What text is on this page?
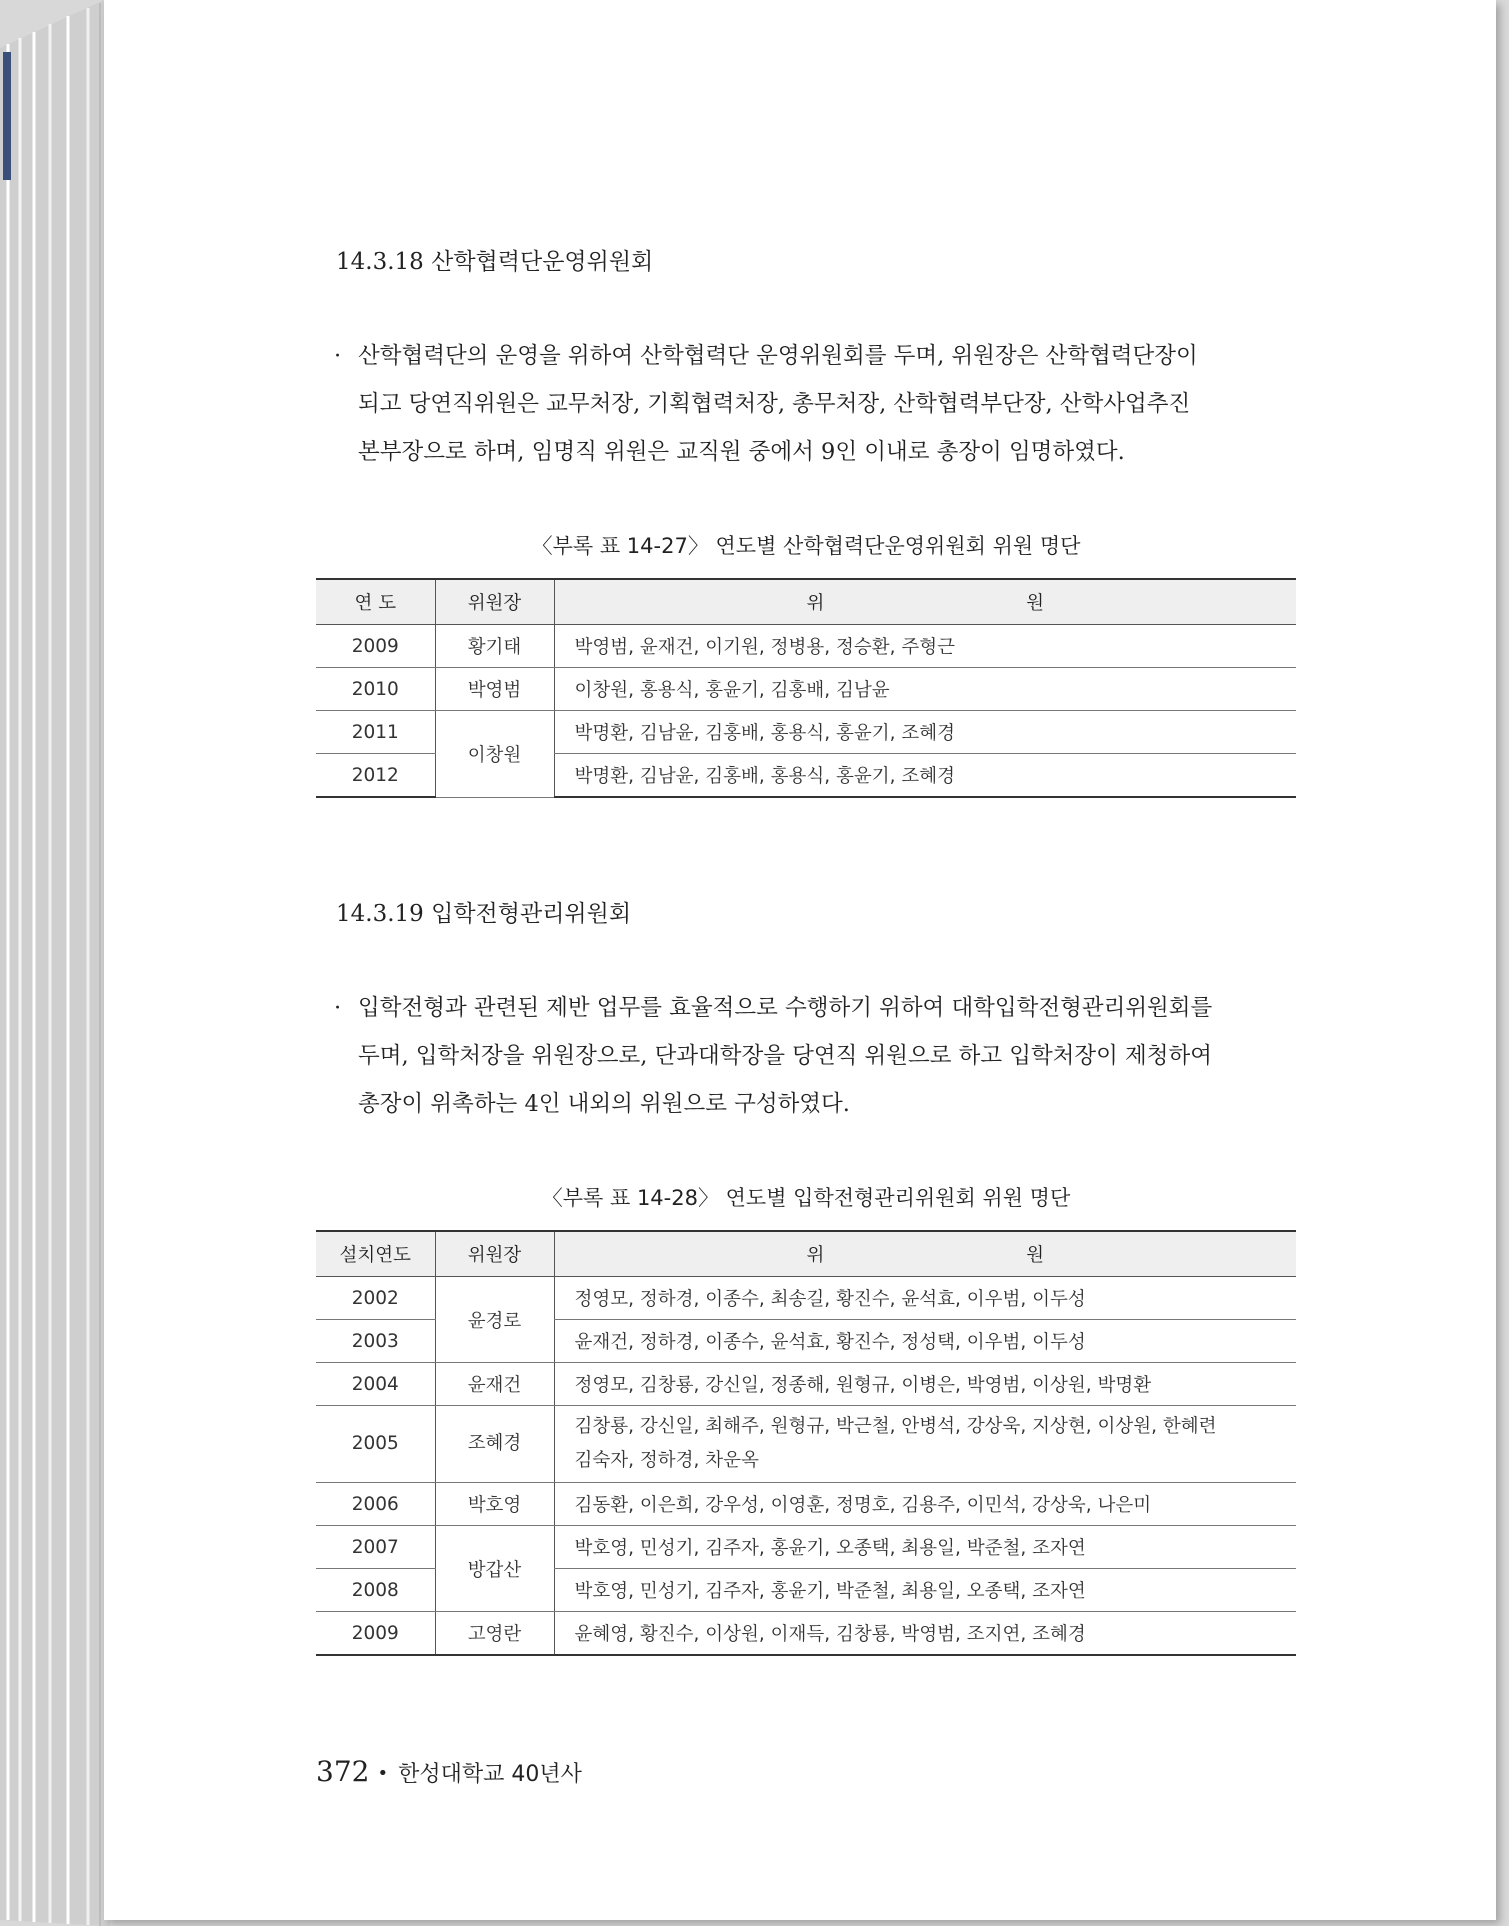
14.3.18 산학협력단운영위원회
· 산학협력단의 운영을 위하여 산학협력단 운영위원회를 두며, 위원장은 산학협력단장이
되고 당연직위원은 교무처장, 기획협력처장, 총무처장, 산학협력부단장, 산학사업추진
본부장으로 하며, 임명직 위원은 교직원 중에서 9인 이내로 총장이 임명하였다.
〈부록 표 14-27〉 연도별 산학협력단운영위원회 위원 명단
연 도	위원장	위 원
2009	황기태	박영범, 윤재건, 이기원, 정병용, 정승환, 주형근
2010	박영범	이창원, 홍용식, 홍윤기, 김홍배, 김남윤
2011	이창원	박명환, 김남윤, 김홍배, 홍용식, 홍윤기, 조혜경
2012		박명환, 김남윤, 김홍배, 홍용식, 홍윤기, 조혜경
14.3.19 입학전형관리위원회
· 입학전형과 관련된 제반 업무를 효율적으로 수행하기 위하여 대학입학전형관리위원회를
두며, 입학처장을 위원장으로, 단과대학장을 당연직 위원으로 하고 입학처장이 제청하여
총장이 위촉하는 4인 내외의 위원으로 구성하였다.
〈부록 표 14-28〉 연도별 입학전형관리위원회 위원 명단
설치연도	위원장	위 원
2002	윤경로	정영모, 정하경, 이종수, 최송길, 황진수, 윤석효, 이우범, 이두성
2003		윤재건, 정하경, 이종수, 윤석효, 황진수, 정성택, 이우범, 이두성
2004	윤재건	정영모, 김창룡, 강신일, 정종해, 원형규, 이병은, 박영범, 이상원, 박명환
2005	조혜경	김창룡, 강신일, 최해주, 원형규, 박근철, 안병석, 강상욱, 지상현, 이상원, 한혜련
김숙자, 정하경, 차운옥

2006	박호영	김동환, 이은희, 강우성, 이영훈, 정명호, 김용주, 이민석, 강상욱, 나은미
2007	방갑산	박호영, 민성기, 김주자, 홍윤기, 오종택, 최용일, 박준철, 조자연
2008		박호영, 민성기, 김주자, 홍윤기, 박준철, 최용일, 오종택, 조자연
2009	고영란	윤혜영, 황진수, 이상원, 이재득, 김창룡, 박영범, 조지연, 조혜경
372 • 한성대학교 40년사
